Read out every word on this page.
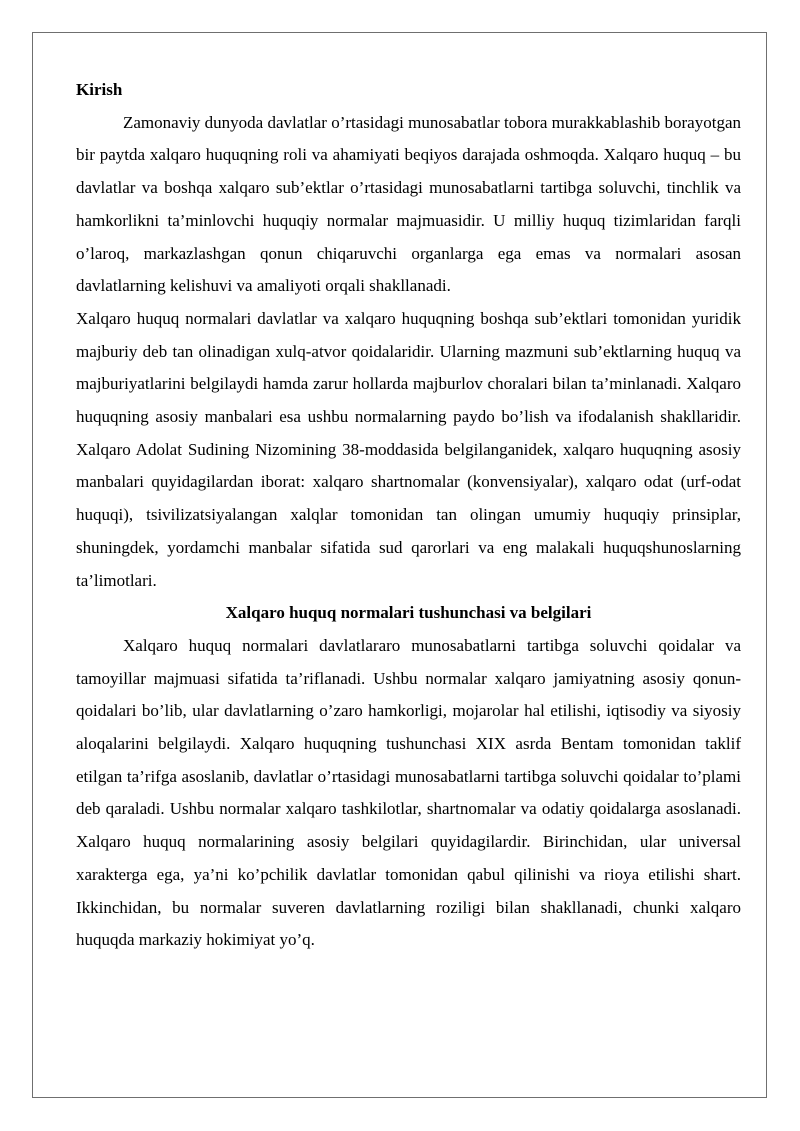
Kirish

Zamonaviy dunyoda davlatlar o’rtasidagi munosabatlar tobora murakkablashib borayotgan bir paytda xalqaro huquqning roli va ahamiyati beqiyos darajada oshmoqda. Xalqaro huquq – bu davlatlar va boshqa xalqaro sub’ektlar o’rtasidagi munosabatlarni tartibga soluvchi, tinchlik va hamkorlikni ta’minlovchi huquqiy normalar majmuasidir. U milliy huquq tizimlaridan farqli o’laroq, markazlashgan qonun chiqaruvchi organlarga ega emas va normalari asosan davlatlarning kelishuvi va amaliyoti orqali shakllanadi.

Xalqaro huquq normalari davlatlar va xalqaro huquqning boshqa sub’ektlari tomonidan yuridik majburiy deb tan olinadigan xulq-atvor qoidalaridir. Ularning mazmuni sub’ektlarning huquq va majburiyatlarini belgilaydi hamda zarur hollarda majburlov choralari bilan ta’minlanadi. Xalqaro huquqning asosiy manbalari esa ushbu normalarning paydo bo’lish va ifodalanish shakllaridir. Xalqaro Adolat Sudining Nizomining 38-moddasida belgilanganidek, xalqaro huquqning asosiy manbalari quyidagilardan iborat: xalqaro shartnomalar (konvensiyalar), xalqaro odat (urf-odat huquqi), tsivilizatsiyalangan xalqlar tomonidan tan olingan umumiy huquqiy prinsiplar, shuningdek, yordamchi manbalar sifatida sud qarorlari va eng malakali huquqshunoslarning ta’limotlari.

Xalqaro huquq normalari tushunchasi va belgilari

Xalqaro huquq normalari davlatlararo munosabatlarni tartibga soluvchi qoidalar va tamoyillar majmuasi sifatida ta’riflanadi. Ushbu normalar xalqaro jamiyatning asosiy qonun-qoidalari bo’lib, ular davlatlarning o’zaro hamkorligi, mojarolar hal etilishi, iqtisodiy va siyosiy aloqalarini belgilaydi. Xalqaro huquqning tushunchasi XIX asrda Bentam tomonidan taklif etilgan ta’rifga asoslanib, davlatlar o’rtasidagi munosabatlarni tartibga soluvchi qoidalar to’plami deb qaraladi. Ushbu normalar xalqaro tashkilotlar, shartnomalar va odatiy qoidalarga asoslanadi. Xalqaro huquq normalarining asosiy belgilari quyidagilardir. Birinchidan, ular universal xarakterga ega, ya’ni ko’pchilik davlatlar tomonidan qabul qilinishi va rioya etilishi shart. Ikkinchidan, bu normalar suveren davlatlarning roziligi bilan shakllanadi, chunki xalqaro huquqda markaziy hokimiyat yo’q.
